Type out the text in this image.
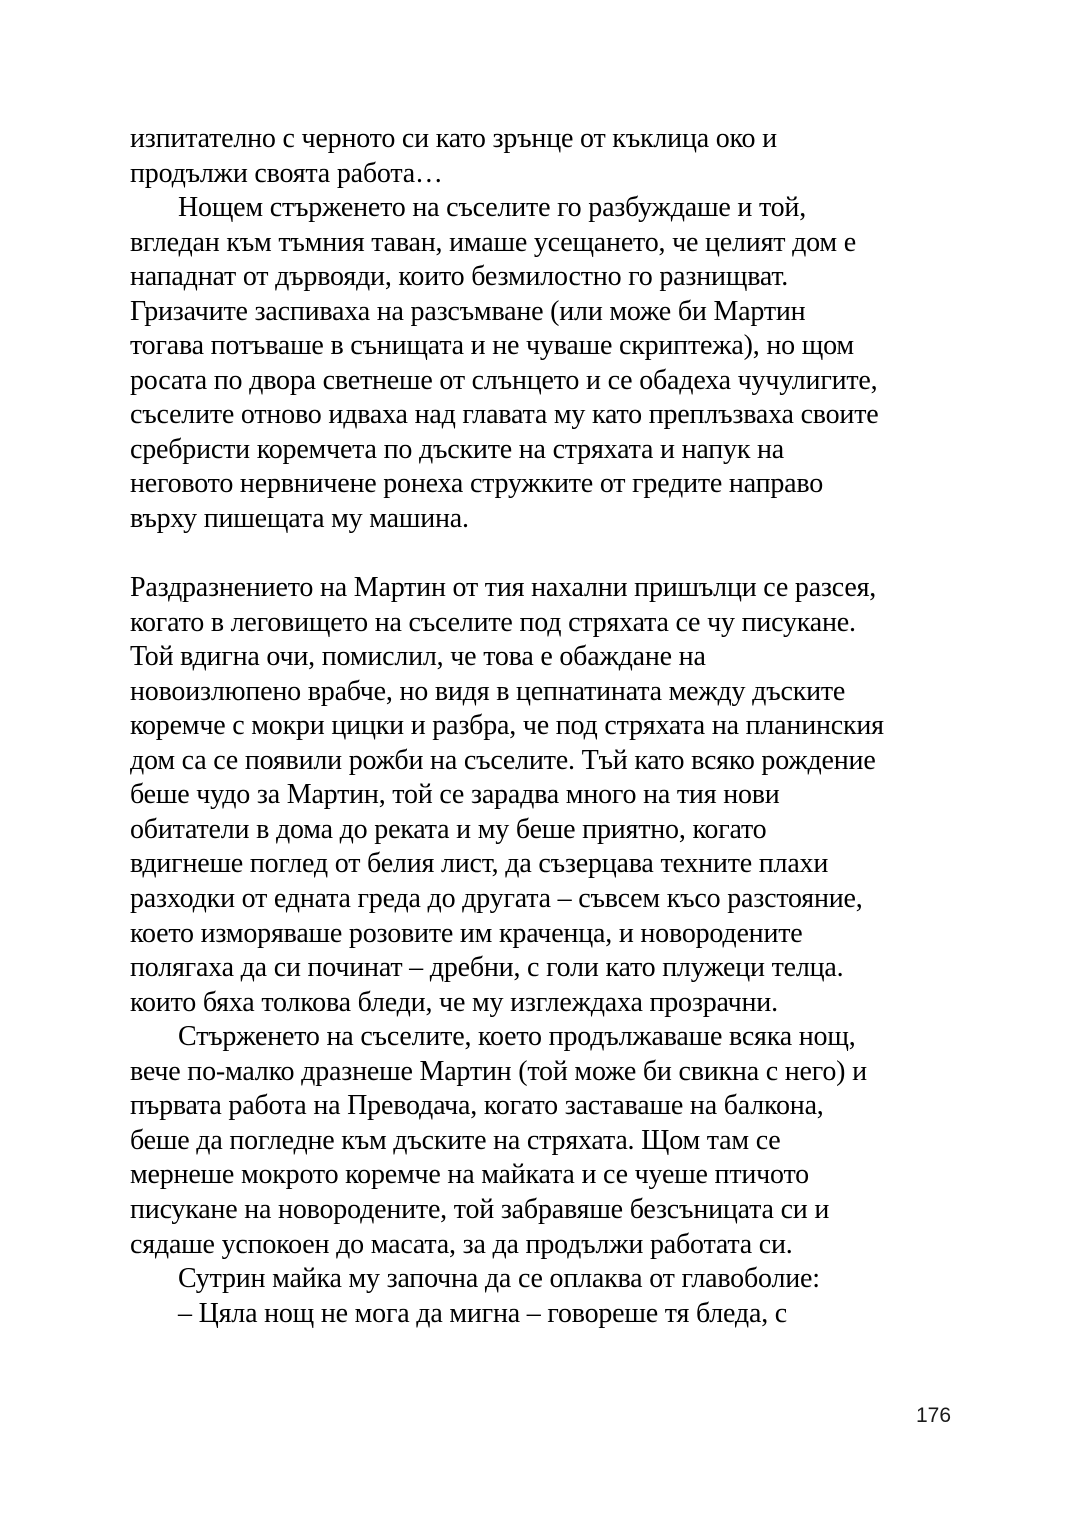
изпитателно с черното си като зрънце от къклица око и
продължи своята работа…
Нощем стърженето на съселите го разбуждаше и той,
вгледан към тъмния таван, имаше усещането, че целият дом е
нападнат от дървояди, които безмилостно го разнищват.
Гризачите заспиваха на разсъмване (или може би Мартин
тогава потъваше в сънищата и не чуваше скриптежа), но щом
росата по двора светнеше от слънцето и се обадеха чучулигите,
съселите отново идваха над главата му като преплъзваха своите
сребристи коремчета по дъските на стряхата и напук на
неговото нервничене ронеха стружките от гредите направо
върху пишещата му машина.
Раздразнението на Мартин от тия нахални пришълци се разсея,
когато в леговището на съселите под стряхата се чу писукане.
Той вдигна очи, помислил, че това е обаждане на
новоизлюпено врабче, но видя в цепнатината между дъските
коремче с мокри цицки и разбра, че под стряхата на планинския
дом са се появили рожби на съселите. Тъй като всяко рождение
беше чудо за Мартин, той се зарадва много на тия нови
обитатели в дома до реката и му беше приятно, когато
вдигнеше поглед от белия лист, да съзерцава техните плахи
разходки от едната греда до другата – съвсем късо разстояние,
което изморяваше розовите им краченца, и новородените
полягаха да си починат – дребни, с голи като плужеци телца.
които бяха толкова бледи, че му изглеждаха прозрачни.
Стърженето на съселите, което продължаваше всяка нощ,
вече по-малко дразнеше Мартин (той може би свикна с него) и
първата работа на Преводача, когато заставаше на балкона,
беше да погледне към дъските на стряхата. Щом там се
мернеше мокрото коремче на майката и се чуеше птичото
писукане на новородените, той забравяше безсъницата си и
сядаше успокоен до масата, за да продължи работата си.
Сутрин майка му започна да се оплаква от главоболие:
– Цяла нощ не мога да мигна – говореше тя бледа, с
176
